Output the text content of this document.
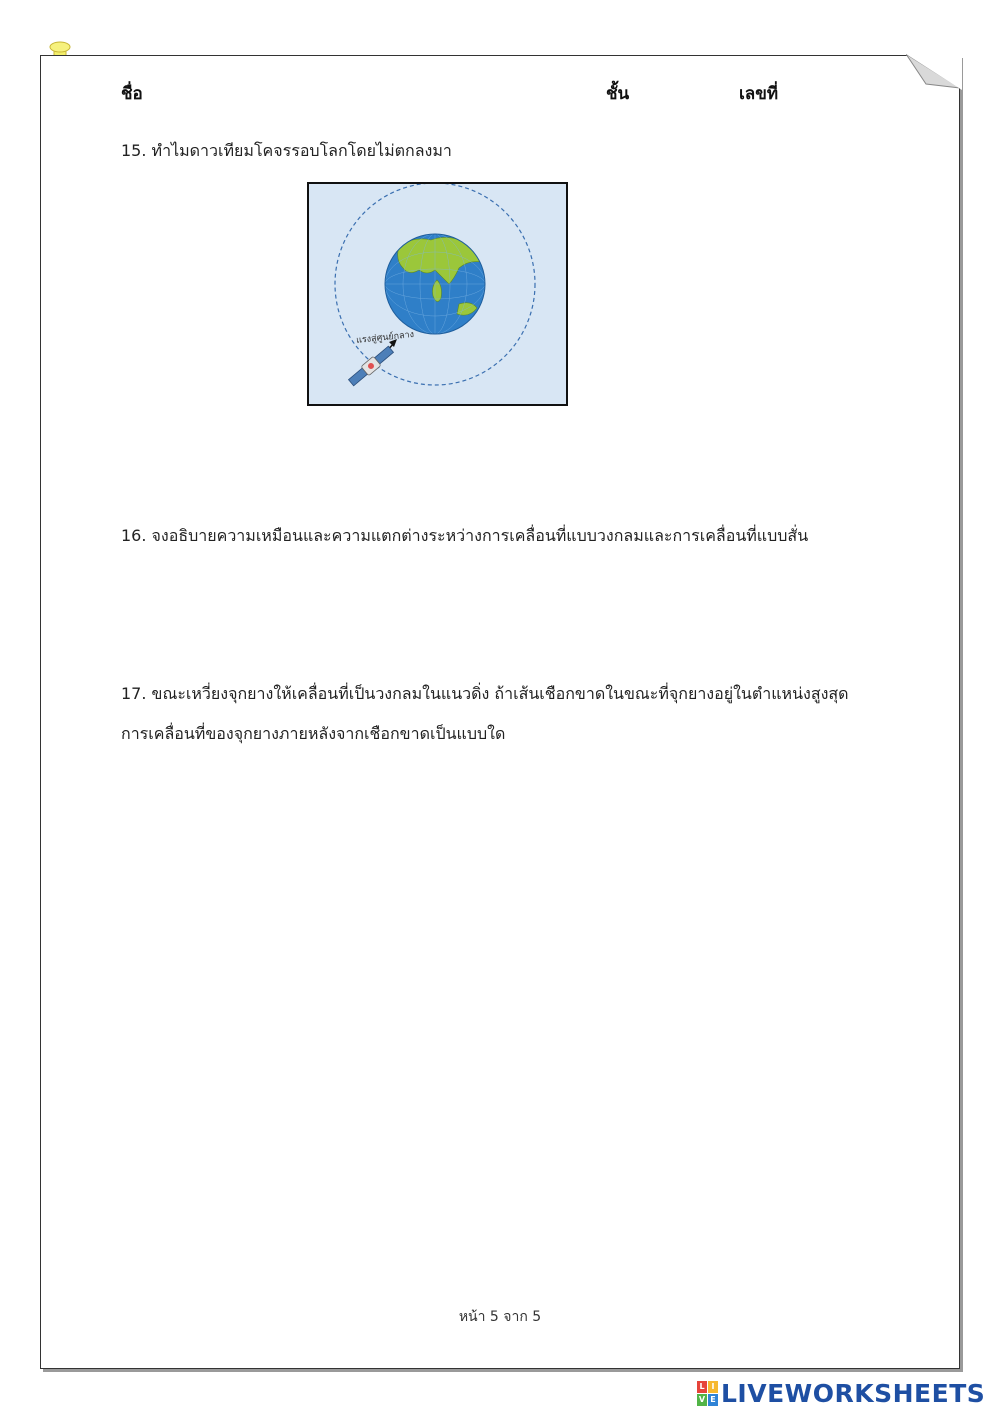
ชื่อ	ชั้น	เลขที่
15. ทำไมดาวเทียมโคจรรอบโลกโดยไม่ตกลงมา
แรงสู่ศูนย์กลาง
16. จงอธิบายความเหมือนและความแตกต่างระหว่างการเคลื่อนที่แบบวงกลมและการเคลื่อนที่แบบสั่น
17. ขณะเหวี่ยงจุกยางให้เคลื่อนที่เป็นวงกลมในแนวดิ่ง ถ้าเส้นเชือกขาดในขณะที่จุกยางอยู่ในตำแหน่งสูงสุด
การเคลื่อนที่ของจุกยางภายหลังจากเชือกขาดเป็นแบบใด
หน้า 5 จาก 5
L I
V E LIVEWORKSHEETS
